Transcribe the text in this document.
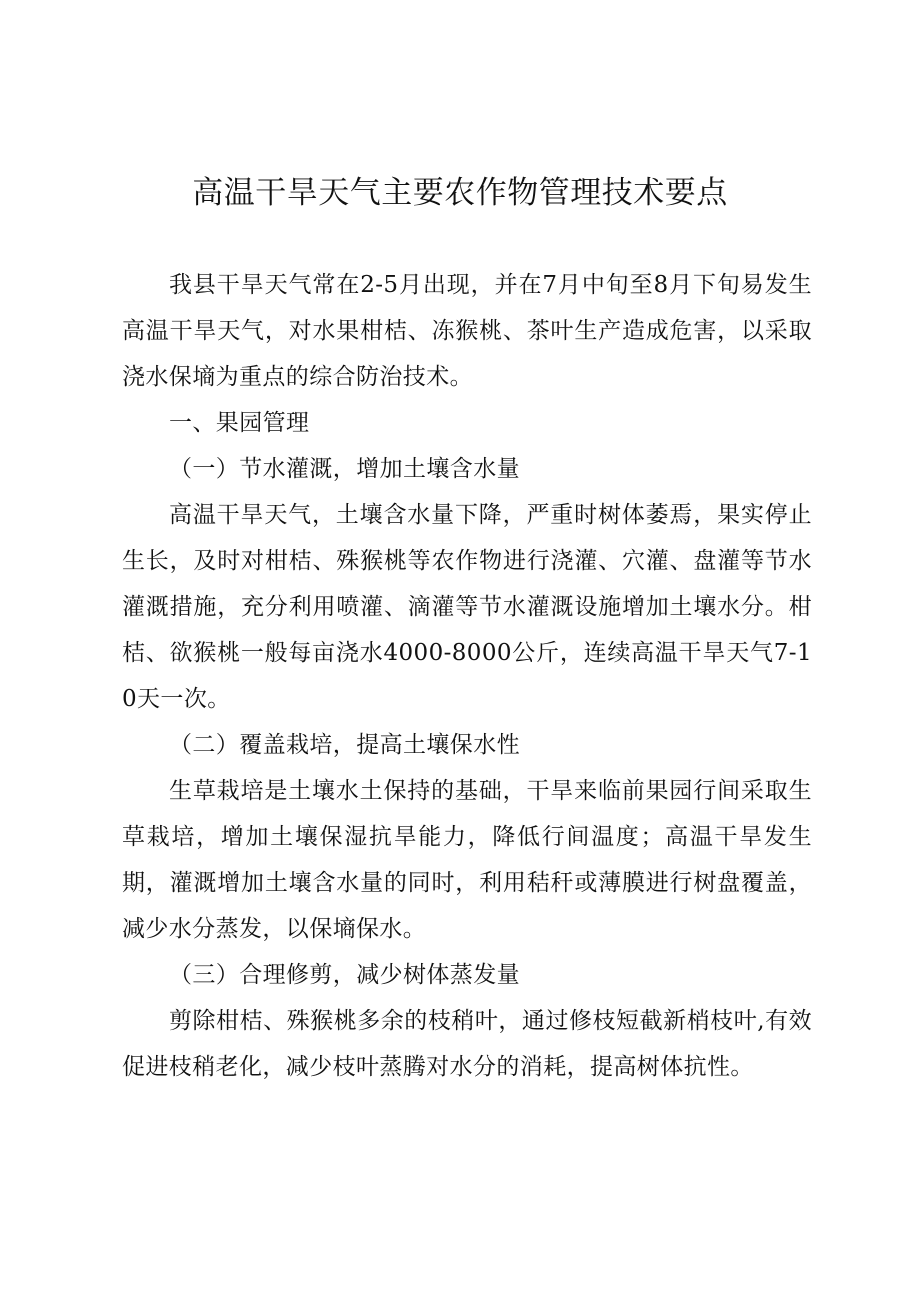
高温干旱天气主要农作物管理技术要点

我县干旱天气常在2-5月出现，并在7月中旬至8月下旬易发生高温干旱天气，对水果柑桔、冻猴桃、茶叶生产造成危害，以采取浇水保墒为重点的综合防治技术。

一、果园管理

（一）节水灌溉，增加土壤含水量

高温干旱天气，土壤含水量下降，严重时树体萎焉，果实停止生长，及时对柑桔、殊猴桃等农作物进行浇灌、穴灌、盘灌等节水灌溉措施，充分利用喷灌、滴灌等节水灌溉设施增加土壤水分。柑桔、欲猴桃一般每亩浇水4000-8000公斤，连续高温干旱天气7-10天一次。

（二）覆盖栽培，提高土壤保水性

生草栽培是土壤水土保持的基础，干旱来临前果园行间采取生草栽培，增加土壤保湿抗旱能力，降低行间温度；高温干旱发生期，灌溉增加土壤含水量的同时，利用秸秆或薄膜进行树盘覆盖，减少水分蒸发，以保墒保水。

（三）合理修剪，减少树体蒸发量

剪除柑桔、殊猴桃多余的枝稍叶，通过修枝短截新梢枝叶,有效促进枝稍老化，减少枝叶蒸腾对水分的消耗，提高树体抗性。
